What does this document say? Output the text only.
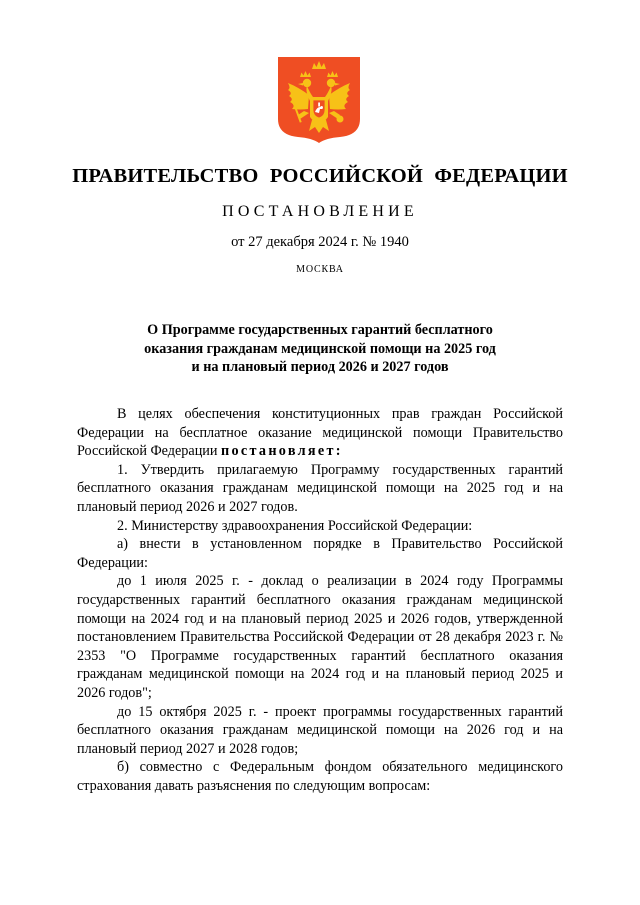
ПРАВИТЕЛЬСТВО РОССИЙСКОЙ ФЕДЕРАЦИИ
ПОСТАНОВЛЕНИЕ
от 27 декабря 2024 г. № 1940
МОСКВА
О Программе государственных гарантий бесплатного
оказания гражданам медицинской помощи на 2025 год
и на плановый период 2026 и 2027 годов

В целях обеспечения конституционных прав граждан Российской Федерации на бесплатное оказание медицинской помощи Правительство Российской Федерации постановляет:

1. Утвердить прилагаемую Программу государственных гарантий бесплатного оказания гражданам медицинской помощи на 2025 год и на плановый период 2026 и 2027 годов.

2. Министерству здравоохранения Российской Федерации:

а) внести в установленном порядке в Правительство Российской Федерации:

до 1 июля 2025 г. - доклад о реализации в 2024 году Программы государственных гарантий бесплатного оказания гражданам медицинской помощи на 2024 год и на плановый период 2025 и 2026 годов, утвержденной постановлением Правительства Российской Федерации от 28 декабря 2023 г. № 2353 "О Программе государственных гарантий бесплатного оказания гражданам медицинской помощи на 2024 год и на плановый период 2025 и 2026 годов";

до 15 октября 2025 г. - проект программы государственных гарантий бесплатного оказания гражданам медицинской помощи на 2026 год и на плановый период 2027 и 2028 годов;

б) совместно с Федеральным фондом обязательного медицинского страхования давать разъяснения по следующим вопросам:
